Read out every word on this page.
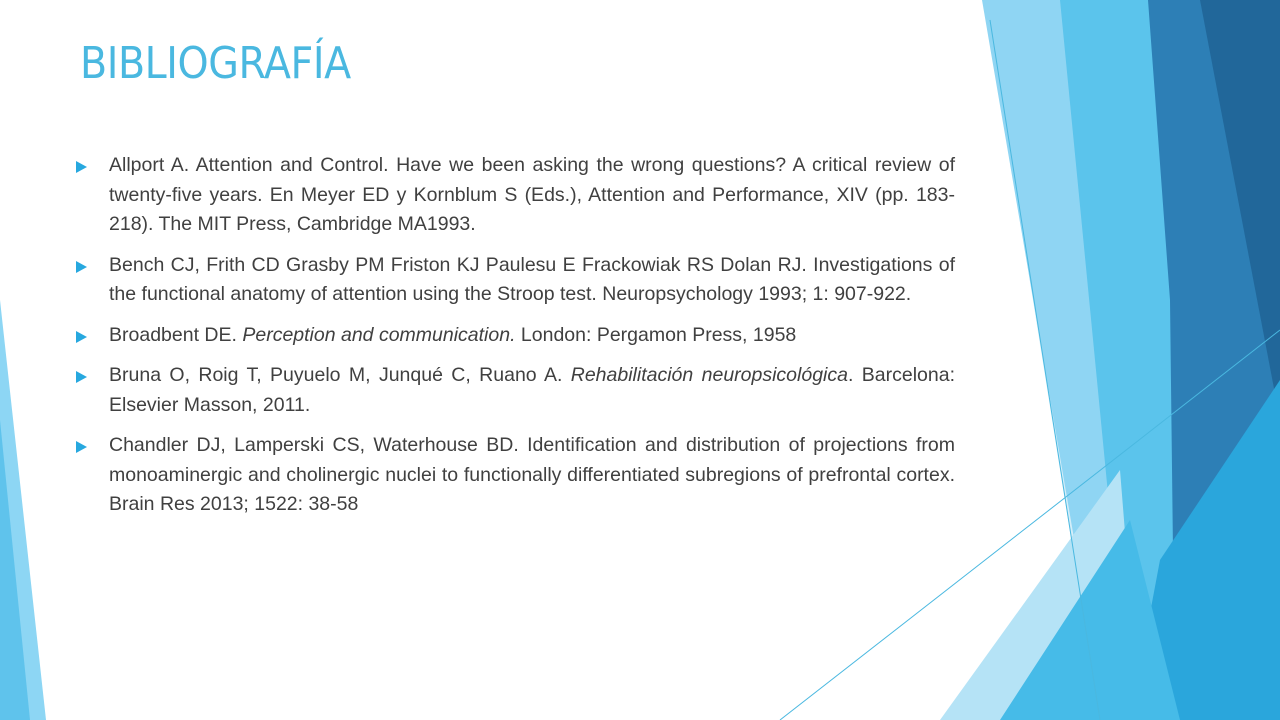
BIBLIOGRAFÍA
Allport A. Attention and Control. Have we been asking the wrong questions? A critical review of twenty-five years. En Meyer ED y Kornblum S (Eds.), Attention and Performance, XIV (pp. 183-218). The MIT Press, Cambridge MA1993.
Bench CJ, Frith CD Grasby PM Friston KJ Paulesu E Frackowiak RS Dolan RJ. Investigations of the functional anatomy of attention using the Stroop test. Neuropsychology 1993; 1: 907-922.
Broadbent DE. Perception and communication. London: Pergamon Press, 1958
Bruna O, Roig T, Puyuelo M, Junqué C, Ruano A. Rehabilitación neuropsicológica. Barcelona: Elsevier Masson, 2011.
Chandler DJ, Lamperski CS, Waterhouse BD. Identification and distribution of projections from monoaminergic and cholinergic nuclei to functionally differentiated subregions of prefrontal cortex. Brain Res 2013; 1522: 38-58
